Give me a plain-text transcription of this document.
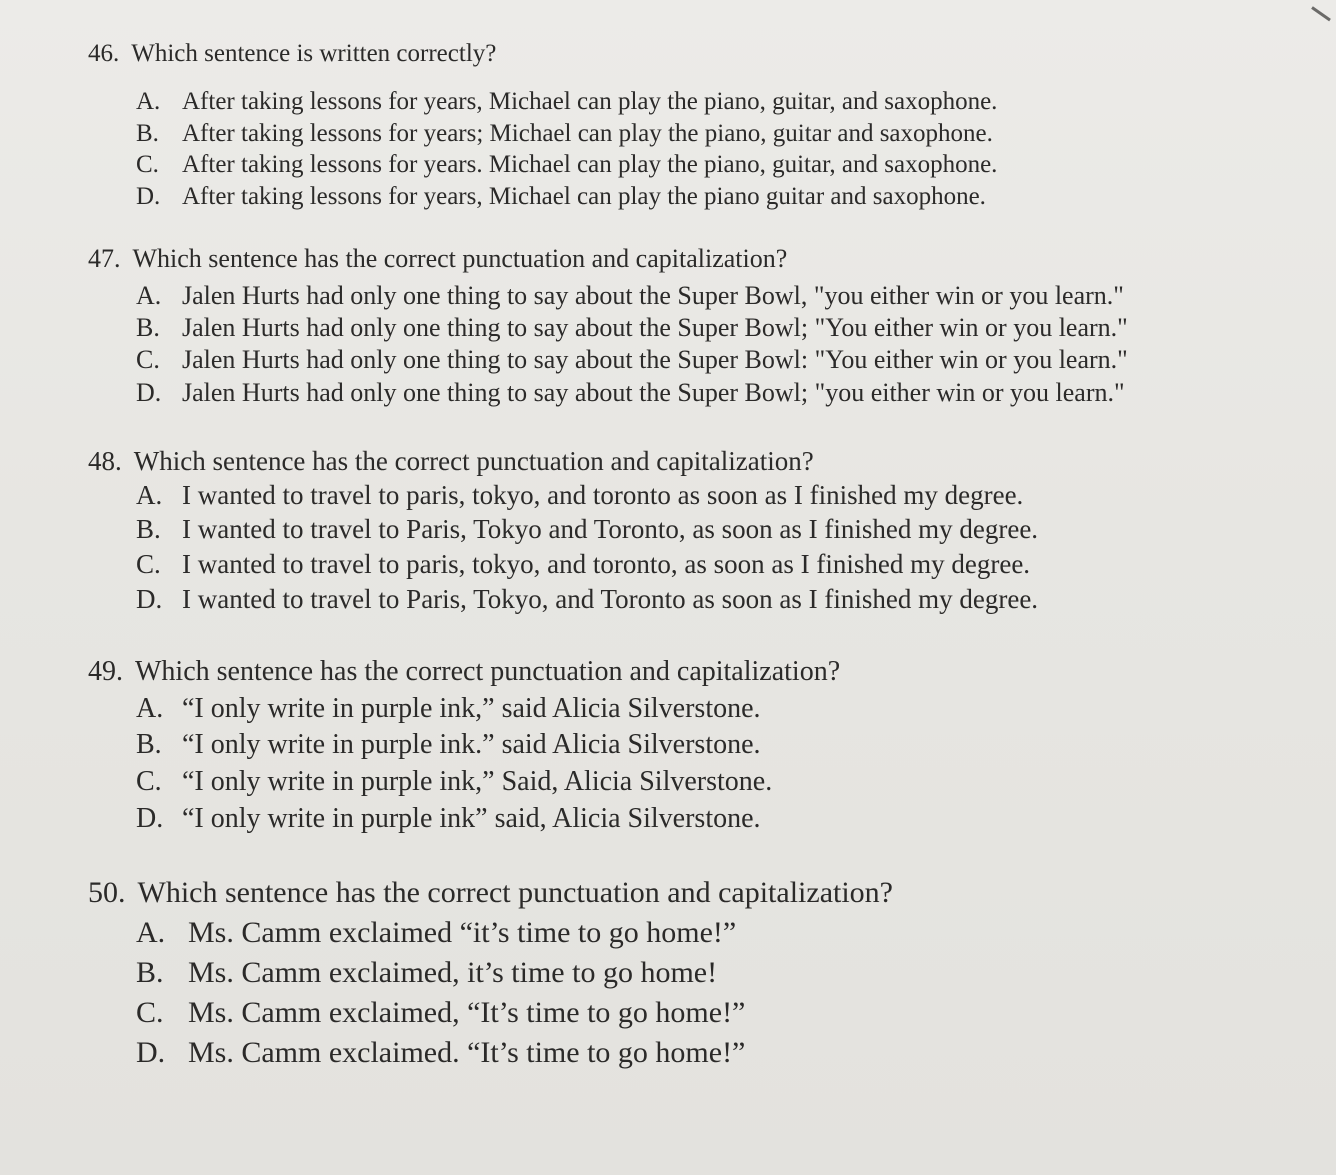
46. Which sentence is written correctly?
A. After taking lessons for years, Michael can play the piano, guitar, and saxophone.
B. After taking lessons for years; Michael can play the piano, guitar and saxophone.
C. After taking lessons for years. Michael can play the piano, guitar, and saxophone.
D. After taking lessons for years, Michael can play the piano guitar and saxophone.
47. Which sentence has the correct punctuation and capitalization?
A. Jalen Hurts had only one thing to say about the Super Bowl, "you either win or you learn."
B. Jalen Hurts had only one thing to say about the Super Bowl; "You either win or you learn."
C. Jalen Hurts had only one thing to say about the Super Bowl: "You either win or you learn."
D. Jalen Hurts had only one thing to say about the Super Bowl; "you either win or you learn."
48. Which sentence has the correct punctuation and capitalization?
A. I wanted to travel to paris, tokyo, and toronto as soon as I finished my degree.
B. I wanted to travel to Paris, Tokyo and Toronto, as soon as I finished my degree.
C. I wanted to travel to paris, tokyo, and toronto, as soon as I finished my degree.
D. I wanted to travel to Paris, Tokyo, and Toronto as soon as I finished my degree.
49. Which sentence has the correct punctuation and capitalization?
A. “I only write in purple ink,” said Alicia Silverstone.
B. “I only write in purple ink.” said Alicia Silverstone.
C. “I only write in purple ink,” Said, Alicia Silverstone.
D. “I only write in purple ink” said, Alicia Silverstone.
50. Which sentence has the correct punctuation and capitalization?
A. Ms. Camm exclaimed “it’s time to go home!”
B. Ms. Camm exclaimed, it’s time to go home!
C. Ms. Camm exclaimed, “It’s time to go home!”
D. Ms. Camm exclaimed. “It’s time to go home!”
